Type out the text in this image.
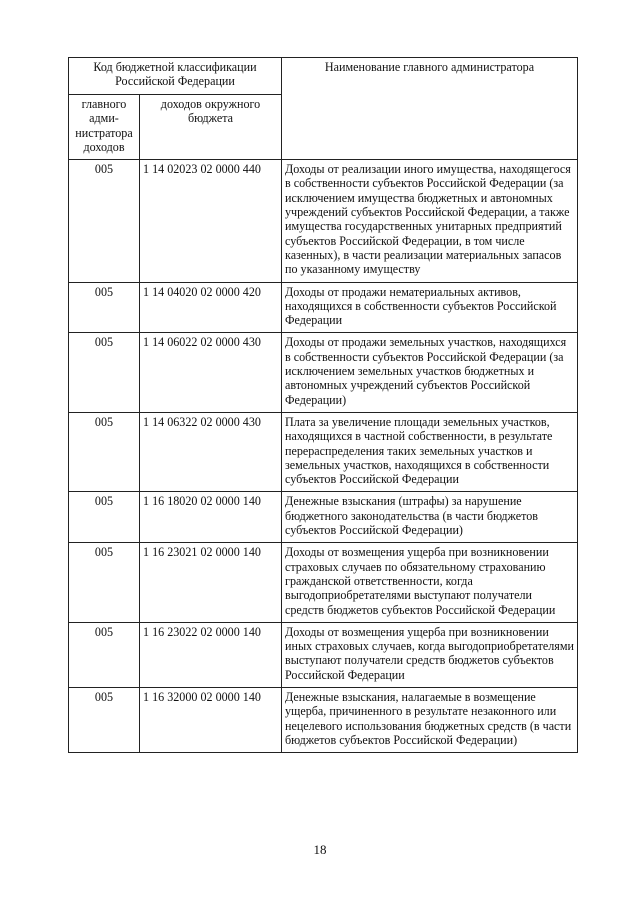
Код бюджетной классификации Российской Федерации		Наименование главного администратора
главного адми-нистратора доходов	доходов окружного бюджета	
005	1 14 02023 02 0000 440	Доходы от реализации иного имущества, находящегося в собственности субъектов Российской Федерации (за исключением имущества бюджетных и автономных учреждений субъектов Российской Федерации, а также имущества государственных унитарных предприятий субъектов Российской Федерации, в том числе казенных), в части реализации материальных запасов по указанному имуществу
005	1 14 04020 02 0000 420	Доходы от продажи нематериальных активов, находящихся в собственности субъектов Российской Федерации
005	1 14 06022 02 0000 430	Доходы от продажи земельных участков, находящихся в собственности субъектов Российской Федерации (за исключением земельных участков бюджетных и автономных учреждений субъектов Российской Федерации)
005	1 14 06322 02 0000 430	Плата за увеличение площади земельных участков, находящихся в частной собственности, в результате перераспределения таких земельных участков и земельных участков, находящихся в собственности субъектов Российской Федерации
005	1 16 18020 02 0000 140	Денежные взыскания (штрафы) за нарушение бюджетного законодательства (в части бюджетов субъектов Российской Федерации)
005	1 16 23021 02 0000 140	Доходы от возмещения ущерба при возникновении страховых случаев по обязательному страхованию гражданской ответственности, когда выгодоприобретателями выступают получатели средств бюджетов субъектов Российской Федерации
005	1 16 23022 02 0000 140	Доходы от возмещения ущерба при возникновении иных страховых случаев, когда выгодоприобретателями выступают получатели средств бюджетов субъектов Российской Федерации
005	1 16 32000 02 0000 140	Денежные взыскания, налагаемые в возмещение ущерба, причиненного в результате незаконного или нецелевого использования бюджетных средств (в части бюджетов субъектов Российской Федерации)
18
